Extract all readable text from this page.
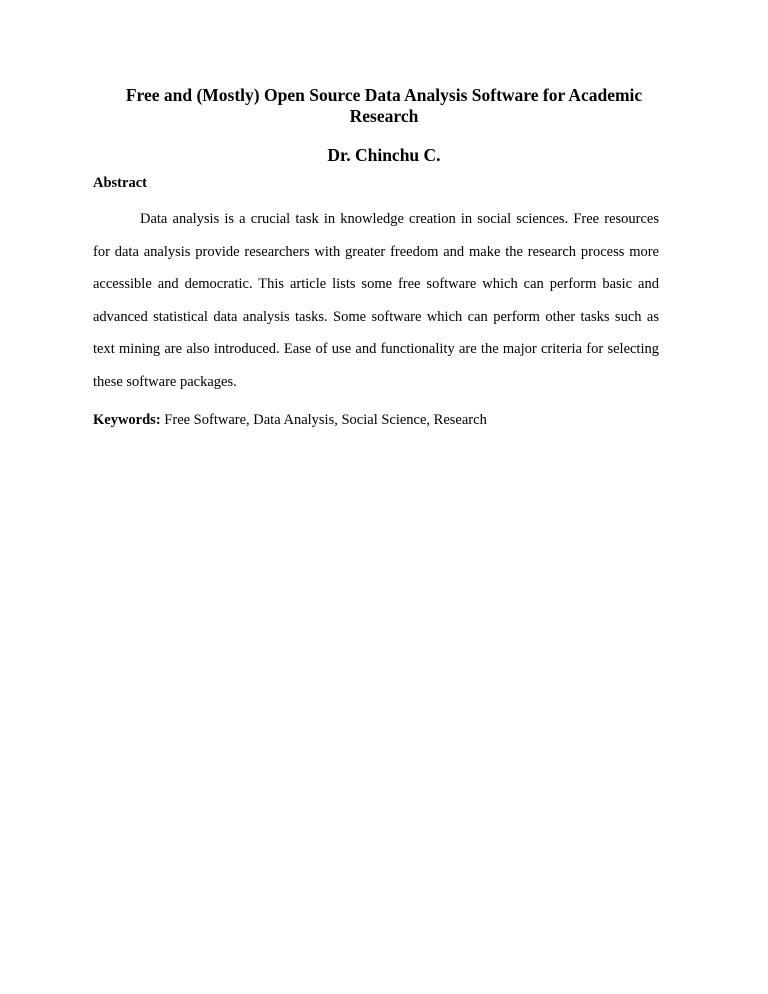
Free and (Mostly) Open Source Data Analysis Software for Academic Research
Dr. Chinchu C.
Abstract

Data analysis is a crucial task in knowledge creation in social sciences. Free resources for data analysis provide researchers with greater freedom and make the research process more accessible and democratic. This article lists some free software which can perform basic and advanced statistical data analysis tasks. Some software which can perform other tasks such as text mining are also introduced. Ease of use and functionality are the major criteria for selecting these software packages.

Keywords: Free Software, Data Analysis, Social Science, Research
